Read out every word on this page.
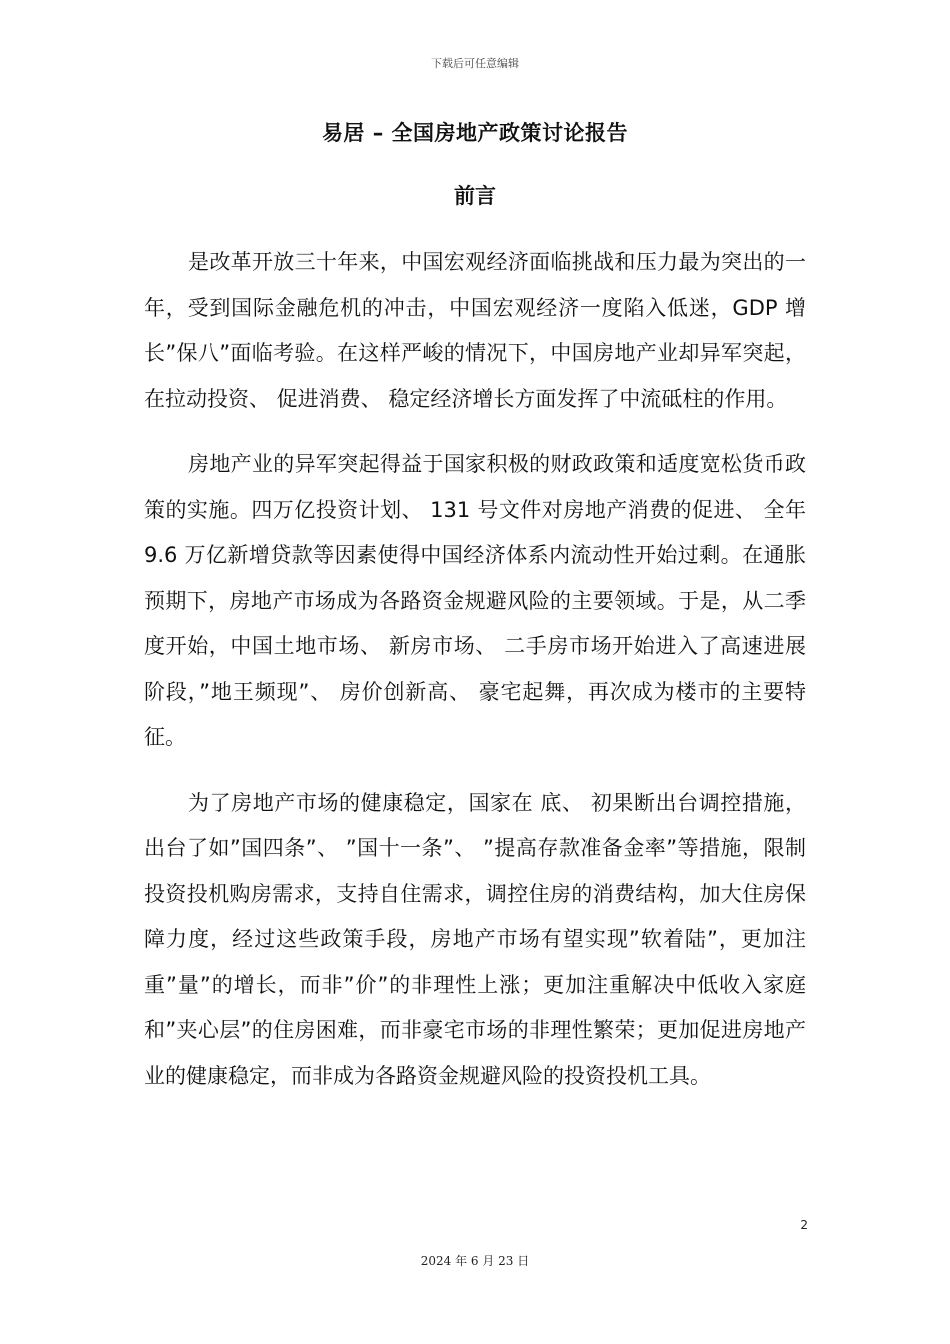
下载后可任意编辑
易居 – 全国房地产政策讨论报告
前言

是改革开放三十年来，中国宏观经济面临挑战和压力最为突出的一年，受到国际金融危机的冲击，中国宏观经济一度陷入低迷，GDP 增长”保八”面临考验。在这样严峻的情况下，中国房地产业却异军突起，在拉动投资、 促进消费、 稳定经济增长方面发挥了中流砥柱的作用。

房地产业的异军突起得益于国家积极的财政政策和适度宽松货币政策的实施。四万亿投资计划、 131 号文件对房地产消费的促进、 全年 9.6 万亿新增贷款等因素使得中国经济体系内流动性开始过剩。在通胀预期下，房地产市场成为各路资金规避风险的主要领域。于是，从二季度开始，中国土地市场、 新房市场、 二手房市场开始进入了高速进展阶段，”地王频现”、 房价创新高、 豪宅起舞，再次成为楼市的主要特征。

为了房地产市场的健康稳定，国家在 底、 初果断出台调控措施，出台了如”国四条”、 ”国十一条”、 ”提高存款准备金率”等措施，限制投资投机购房需求，支持自住需求，调控住房的消费结构，加大住房保障力度，经过这些政策手段，房地产市场有望实现”软着陆”，更加注重”量”的增长，而非”价”的非理性上涨；更加注重解决中低收入家庭和”夹心层”的住房困难，而非豪宅市场的非理性繁荣；更加促进房地产业的健康稳定，而非成为各路资金规避风险的投资投机工具。

2
2024 年 6 月 23 日
